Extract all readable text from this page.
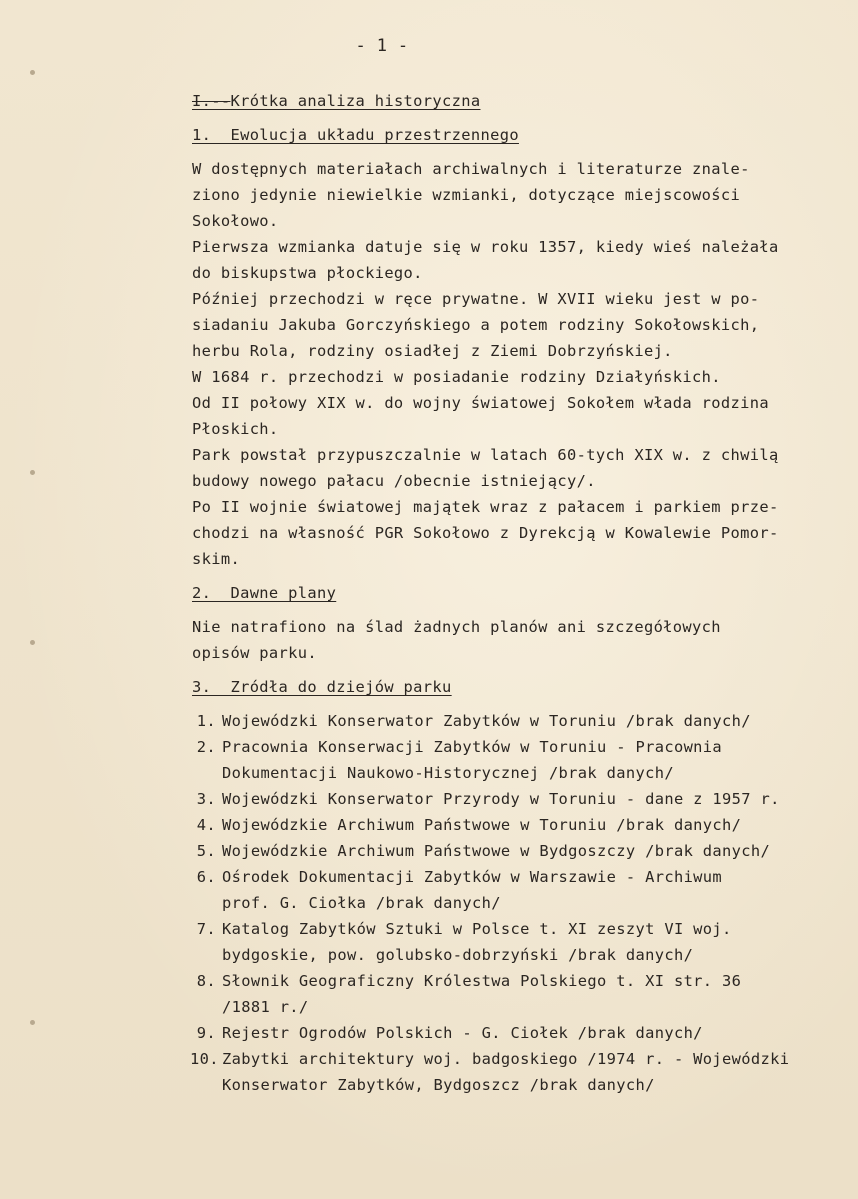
- 1 -
I.--Krótka analiza historyczna
1.  Ewolucja układu przestrzennego

W dostępnych materiałach archiwalnych i literaturze znale-

ziono jedynie niewielkie wzmianki, dotyczące miejscowości

Sokołowo.

Pierwsza wzmianka datuje się w roku 1357, kiedy wieś należała

do biskupstwa płockiego.

Później przechodzi w ręce prywatne. W XVII wieku jest w po-

siadaniu Jakuba Gorczyńskiego a potem rodziny Sokołowskich,

herbu Rola, rodziny osiadłej z Ziemi Dobrzyńskiej.

W 1684 r. przechodzi w posiadanie rodziny Działyńskich.

Od II połowy XIX w. do wojny światowej Sokołem włada rodzina

Płoskich.

Park powstał przypuszczalnie w latach 60-tych XIX w. z chwilą

budowy nowego pałacu /obecnie istniejący/.

Po II wojnie światowej majątek wraz z pałacem i parkiem prze-

chodzi na własność PGR Sokołowo z Dyrekcją w Kowalewie Pomor-

skim.

2.  Dawne plany

Nie natrafiono na ślad żadnych planów ani szczegółowych

opisów parku.

3.  Zródła do dziejów parku
1. Wojewódzki Konserwator Zabytków w Toruniu /brak danych/
2. Pracownia Konserwacji Zabytków w Toruniu - Pracownia
Dokumentacji Naukowo-Historycznej /brak danych/
3. Wojewódzki Konserwator Przyrody w Toruniu - dane z 1957 r.
4. Wojewódzkie Archiwum Państwowe w Toruniu /brak danych/
5. Wojewódzkie Archiwum Państwowe w Bydgoszczy /brak danych/
6. Ośrodek Dokumentacji Zabytków w Warszawie - Archiwum
prof. G. Ciołka /brak danych/
7. Katalog Zabytków Sztuki w Polsce t. XI zeszyt VI woj.
bydgoskie, pow. golubsko-dobrzyński /brak danych/
8. Słownik Geograficzny Królestwa Polskiego t. XI str. 36
/1881 r./
9. Rejestr Ogrodów Polskich - G. Ciołek /brak danych/
10. Zabytki architektury woj. badgoskiego /1974 r. - Wojewódzki
Konserwator Zabytków, Bydgoszcz /brak danych/
